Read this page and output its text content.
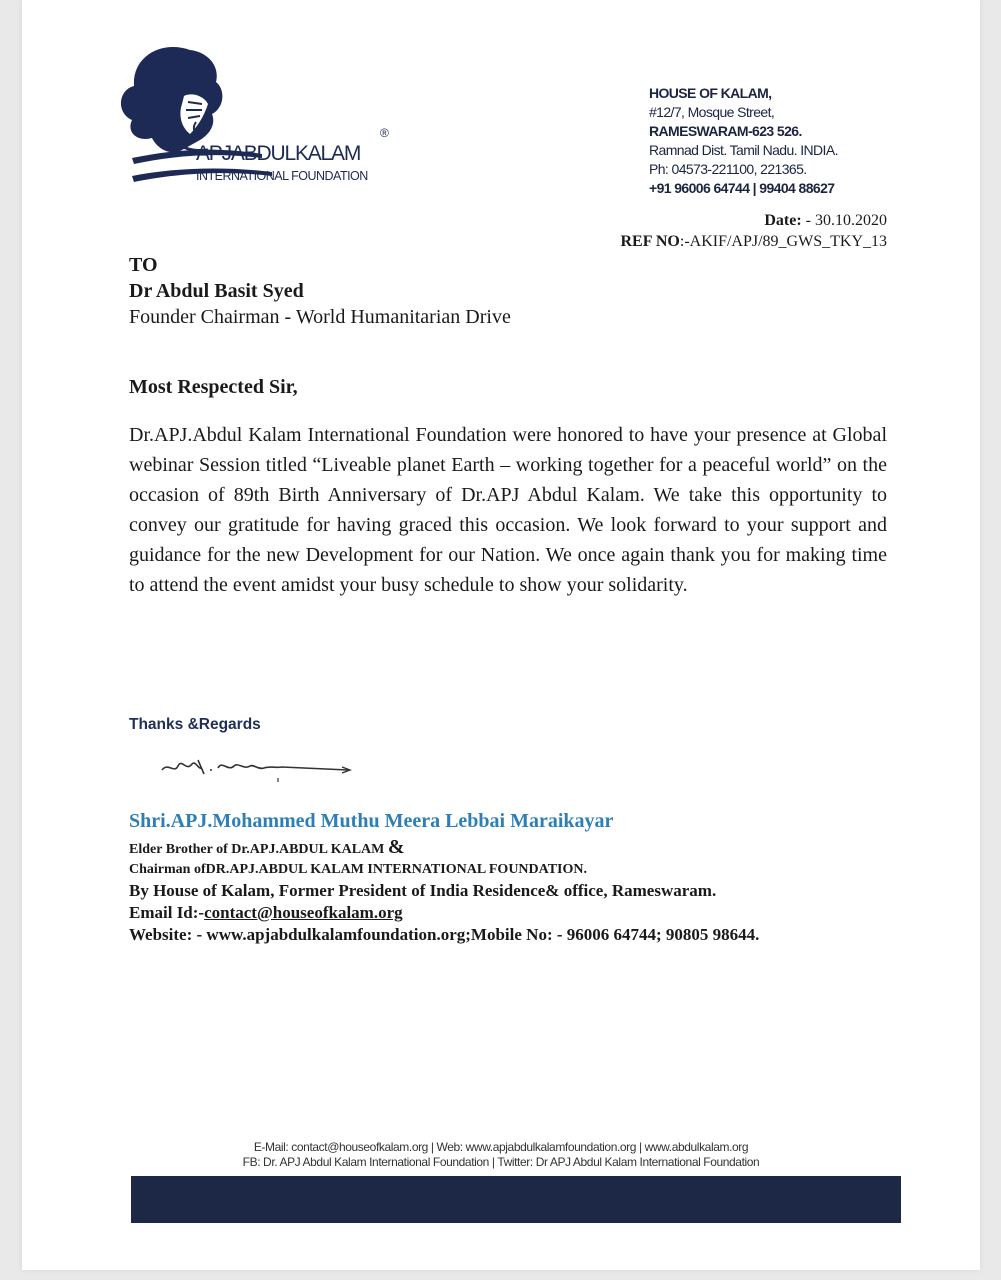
®
APJABDULKALAM
INTERNATIONAL FOUNDATION
HOUSE OF KALAM,
#12/7, Mosque Street,
RAMESWARAM-623 526.
Ramnad Dist. Tamil Nadu. INDIA.
Ph: 04573-221100, 221365.
+91 96006 64744 | 99404 88627
Date: - 30.10.2020
REF NO:-AKIF/APJ/89_GWS_TKY_13
TO
Dr Abdul Basit Syed
Founder Chairman - World Humanitarian Drive
Most Respected Sir,
Dr.APJ.Abdul Kalam International Foundation were honored to have your presence at Global webinar Session titled “Liveable planet Earth – working together for a peaceful world” on the occasion of 89th Birth Anniversary of Dr.APJ Abdul Kalam. We take this opportunity to convey our gratitude for having graced this occasion. We look forward to your support and guidance for the new Development for our Nation. We once again thank you for making time to attend the event amidst your busy schedule to show your solidarity.
Thanks &Regards
Shri.APJ.Mohammed Muthu Meera Lebbai Maraikayar
Elder Brother of Dr.APJ.ABDUL KALAM &
Chairman ofDR.APJ.ABDUL KALAM INTERNATIONAL FOUNDATION.
By House of Kalam, Former President of India Residence& office, Rameswaram.
Email Id:-contact@houseofkalam.org
Website: - www.apjabdulkalamfoundation.org;Mobile No: - 96006 64744; 90805 98644.
E-Mail: contact@houseofkalam.org | Web: www.apjabdulkalamfoundation.org | www.abdulkalam.org
FB: Dr. APJ Abdul Kalam International Foundation | Twitter: Dr APJ Abdul Kalam International Foundation
